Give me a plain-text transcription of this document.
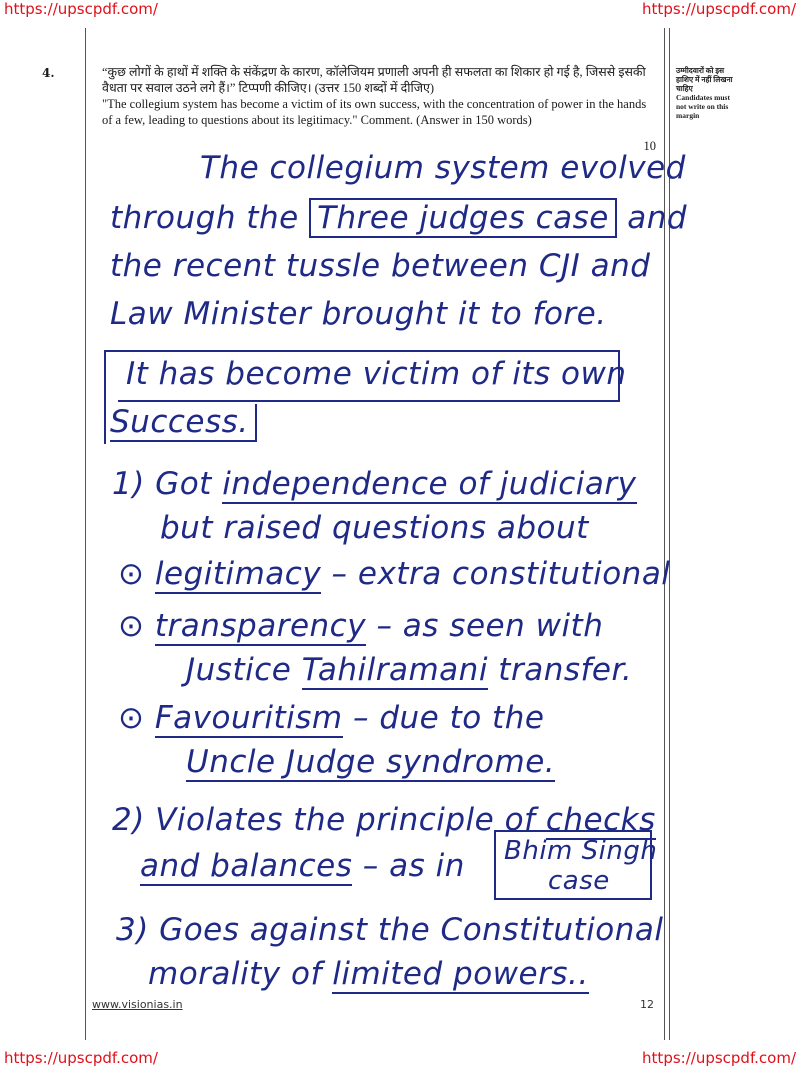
https://upscpdf.com/	https://upscpdf.com/
https://upscpdf.com/	https://upscpdf.com/
4.	“कुछ लोगों के हाथों में शक्ति के संकेंद्रण के कारण, कॉलेजियम प्रणाली अपनी ही सफलता का शिकार हो गई है, जिससे इसकी वैधता पर सवाल उठने लगे हैं।” टिप्पणी कीजिए। (उत्तर 150 शब्दों में दीजिए)
"The collegium system has become a victim of its own success, with the concentration of power in the hands of a few, leading to questions about its legitimacy." Comment. (Answer in 150 words)
10
उम्मीदवारों को इस हाशिए में नहीं लिखना चाहिए
Candidates must not write on this margin
The collegium system evolved
through the Three judges case and
the recent tussle between CJI and
Law Minister brought it to fore.
It has become victim of its own
Success.
1) Got independence of judiciary
but raised questions about
⊙ legitimacy – extra constitutional
⊙ transparency – as seen with
Justice Tahilramani transfer.
⊙ Favouritism – due to the
Uncle Judge syndrome.
2) Violates the principle of checks
and balances – as in Bhim Singh
case
3) Goes against the Constitutional
morality of limited powers..
www.visionias.in	12
